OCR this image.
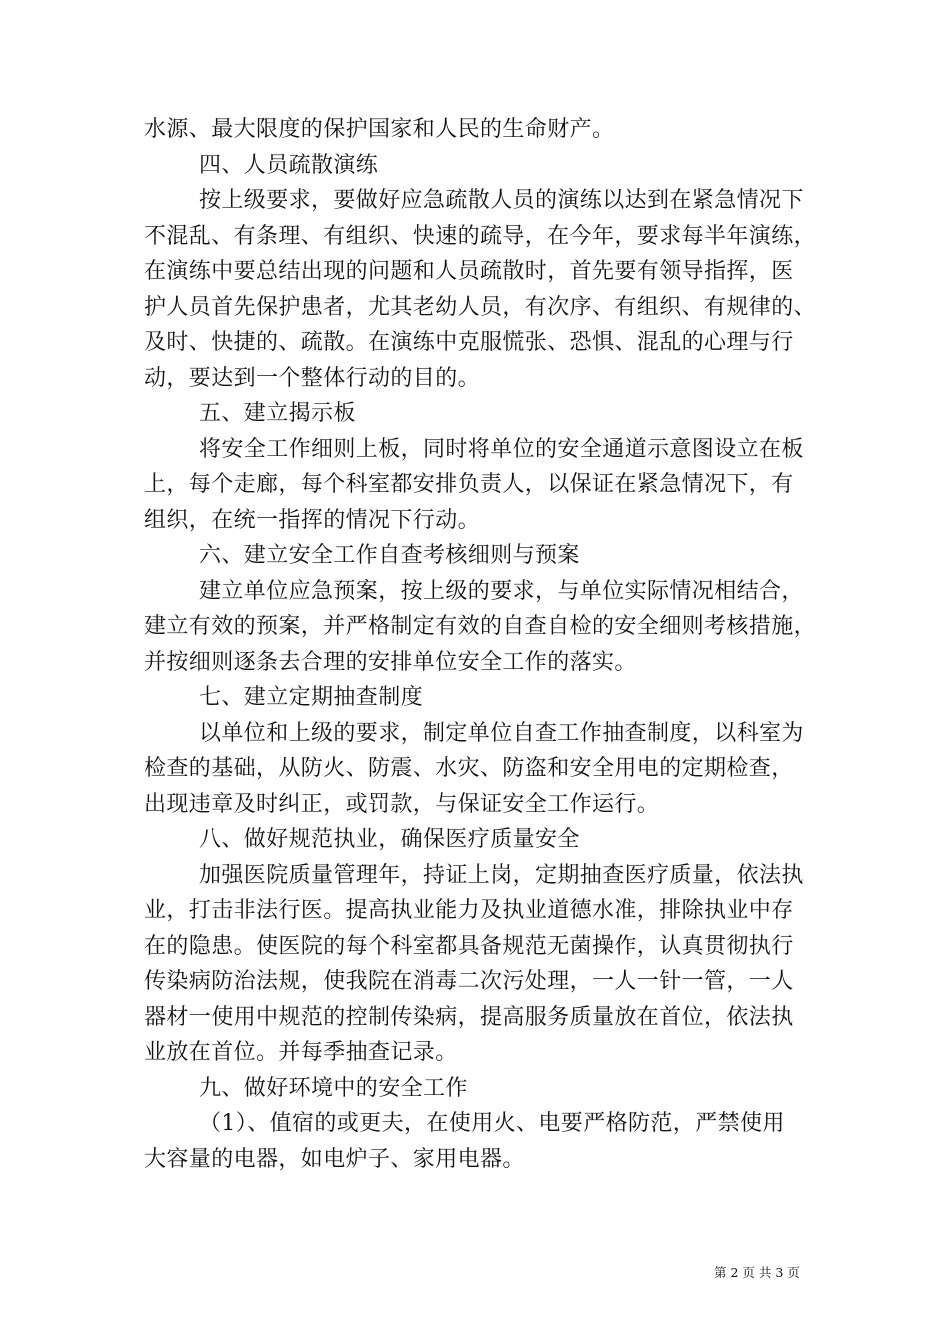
水源、最大限度的保护国家和人民的生命财产。
四、人员疏散演练
按上级要求，要做好应急疏散人员的演练以达到在紧急情况下
不混乱、有条理、有组织、快速的疏导，在今年，要求每半年演练，
在演练中要总结出现的问题和人员疏散时，首先要有领导指挥，医
护人员首先保护患者，尤其老幼人员，有次序、有组织、有规律的、
及时、快捷的、疏散。在演练中克服慌张、恐惧、混乱的心理与行
动，要达到一个整体行动的目的。
五、建立揭示板
将安全工作细则上板，同时将单位的安全通道示意图设立在板
上，每个走廊，每个科室都安排负责人，以保证在紧急情况下，有
组织，在统一指挥的情况下行动。
六、建立安全工作自查考核细则与预案
建立单位应急预案，按上级的要求，与单位实际情况相结合，
建立有效的预案，并严格制定有效的自查自检的安全细则考核措施，
并按细则逐条去合理的安排单位安全工作的落实。
七、建立定期抽查制度
以单位和上级的要求，制定单位自查工作抽查制度，以科室为
检查的基础，从防火、防震、水灾、防盗和安全用电的定期检查，
出现违章及时纠正，或罚款，与保证安全工作运行。
八、做好规范执业，确保医疗质量安全
加强医院质量管理年，持证上岗，定期抽查医疗质量，依法执
业，打击非法行医。提高执业能力及执业道德水准，排除执业中存
在的隐患。使医院的每个科室都具备规范无菌操作，认真贯彻执行
传染病防治法规，使我院在消毒二次污处理，一人一针一管，一人
器材一使用中规范的控制传染病，提高服务质量放在首位，依法执
业放在首位。并每季抽查记录。
九、做好环境中的安全工作
（1）、值宿的或更夫，在使用火、电要严格防范，严禁使用
大容量的电器，如电炉子、家用电器。
第 2 页 共 3 页
